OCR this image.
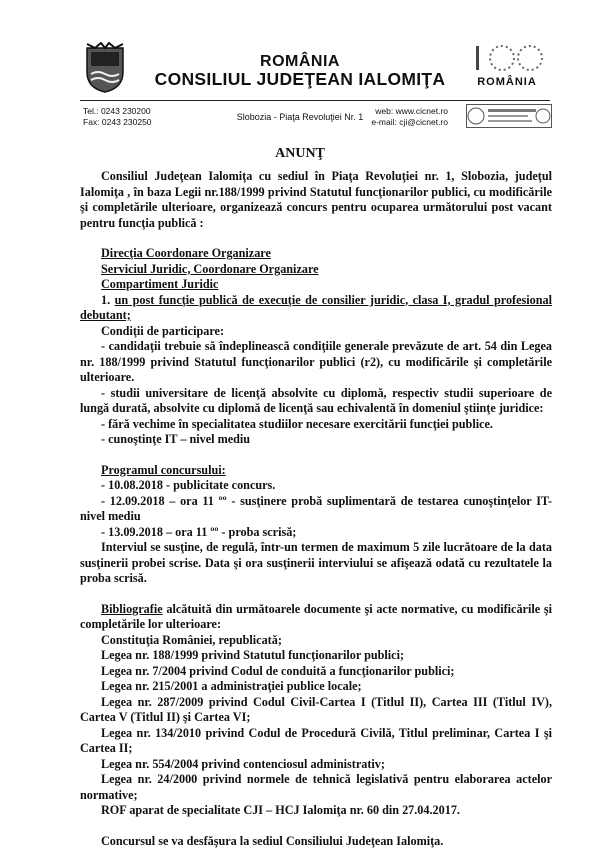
ROMÂNIA
CONSILIUL JUDEŢEAN IALOMIŢA	ROMÂNIA
Tel.: 0243 230200
Fax: 0243 230250	Slobozia - Piaţa Revoluţiei Nr. 1
web: www.cicnet.ro
e-mail: cji@cicnet.ro
ANUNŢ

Consiliul Judeţean Ialomiţa cu sediul în Piaţa Revoluţiei nr. 1, Slobozia, judeţul Ialomiţa , în baza Legii nr.188/1999 privind Statutul funcţionarilor publici, cu modificările şi completările ulterioare, organizează concurs pentru ocuparea următorului post vacant pentru funcţia publică :

Direcţia Coordonare Organizare

Serviciul Juridic, Coordonare Organizare

Compartiment Juridic

1. un post funcţie publică de execuţie de consilier juridic, clasa I, gradul profesional debutant;

Condiţii de participare:

- candidaţii trebuie să îndeplinească condiţiile generale prevăzute de art. 54 din Legea nr. 188/1999 privind Statutul funcţionarilor publici (r2), cu modificările şi completările ulterioare.

- studii universitare de licenţă absolvite cu diplomă, respectiv studii superioare de lungă durată, absolvite cu diplomă de licenţă sau echivalentă în domeniul ştiinţe juridice:

- fără vechime în specialitatea studiilor necesare exercitării funcţiei publice.

- cunoştinţe IT – nivel mediu

Programul concursului:

- 10.08.2018 - publicitate concurs.

- 12.09.2018 – ora 11 ºº - susţinere probă suplimentară de testarea cunoştinţelor IT- nivel mediu

- 13.09.2018 – ora 11 ºº - proba scrisă;

Interviul se susţine, de regulă, într-un termen de maximum 5 zile lucrătoare de la data susţinerii probei scrise. Data şi ora susţinerii interviului se afişează odată cu rezultatele la proba scrisă.

Bibliografie alcătuită din următoarele documente şi acte normative, cu modificările şi completările lor ulterioare:

Constituţia României, republicată;

Legea nr. 188/1999 privind Statutul funcţionarilor publici;

Legea nr. 7/2004 privind Codul de conduită a funcţionarilor publici;

Legea nr. 215/2001 a administraţiei publice locale;

Legea nr. 287/2009 privind Codul Civil-Cartea I (Titlul II), Cartea III (Titlul IV), Cartea V (Titlul II) şi Cartea VI;

Legea nr. 134/2010 privind Codul de Procedură Civilă, Titlul preliminar, Cartea I şi Cartea II;

Legea nr. 554/2004 privind contenciosul administrativ;

Legea nr. 24/2000 privind normele de tehnică legislativă pentru elaborarea actelor normative;

ROF aparat de specialitate CJI – HCJ Ialomiţa nr. 60 din 27.04.2017.

Concursul se va desfăşura la sediul Consiliului Judeţean Ialomiţa.
